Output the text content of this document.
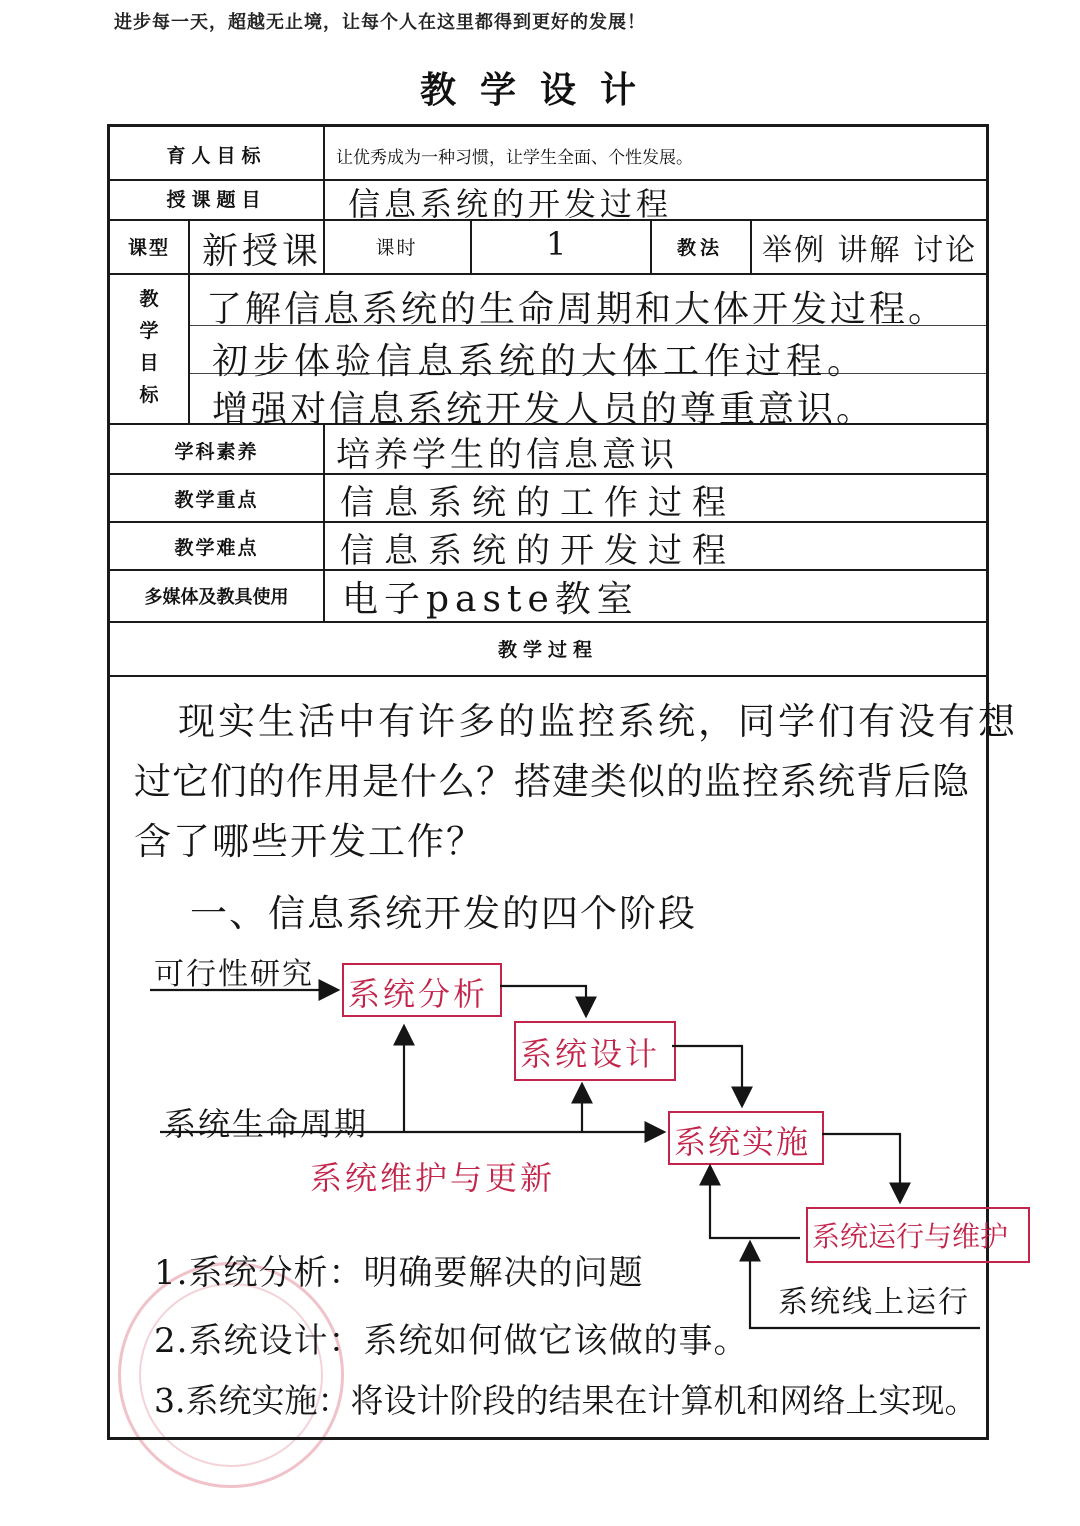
进步每一天，超越无止境，让每个人在这里都得到更好的发展！
教学设计
育人目标	让优秀成为一种习惯，让学生全面、个性发展。
授课题目	信息系统的开发过程
课型 新授课	课时	1	教法	举例 讲解 讨论
教
学
目
标
了解信息系统的生命周期和大体开发过程。
初步体验信息系统的大体工作过程。
增强对信息系统开发人员的尊重意识。
学科素养	培养学生的信息意识
教学重点	信息系统的工作过程
教学难点	信息系统的开发过程
多媒体及教具使用	电子paste教室
教学过程
现实生活中有许多的监控系统，同学们有没有想
过它们的作用是什么？搭建类似的监控系统背后隐
含了哪些开发工作？
一、信息系统开发的四个阶段
可行性研究
系统分析
系统设计
系统生命周期	系统实施
系统维护与更新
系统运行与维护
系统线上运行
1.系统分析：明确要解决的问题
2.系统设计：系统如何做它该做的事。
3.系统实施：将设计阶段的结果在计算机和网络上实现。
